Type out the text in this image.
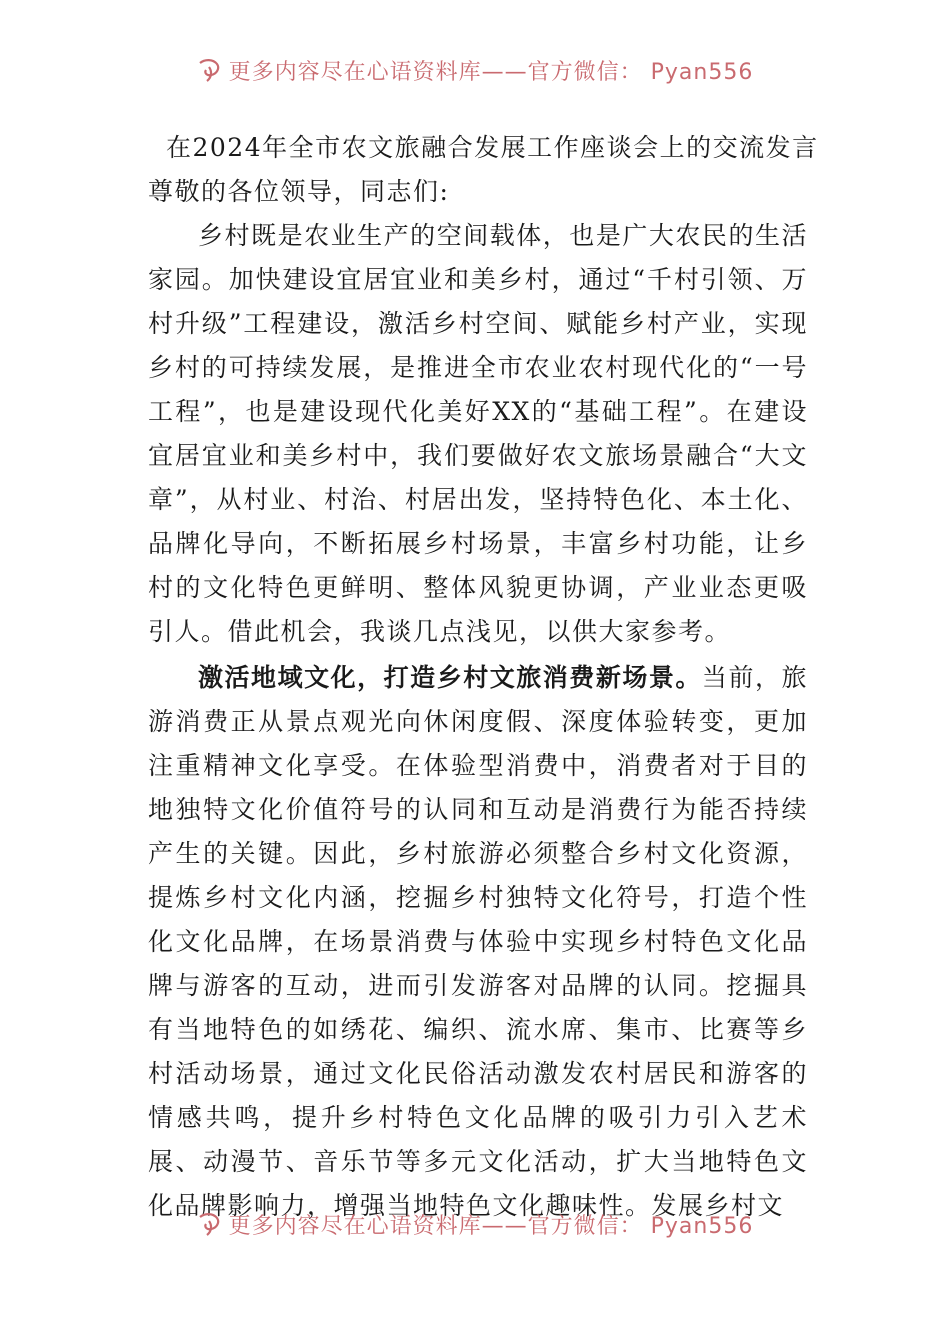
更多内容尽在心语资料库——官方微信： Pyan556
在2024年全市农文旅融合发展工作座谈会上的交流发言

尊敬的各位领导，同志们:

乡村既是农业生产的空间载体，也是广大农民的生活家园。加快建设宜居宜业和美乡村，通过“千村引领、万村升级”工程建设，激活乡村空间、赋能乡村产业，实现乡村的可持续发展，是推进全市农业农村现代化的“一号工程”，也是建设现代化美好XX的“基础工程”。在建设宜居宜业和美乡村中，我们要做好农文旅场景融合“大文章”，从村业、村治、村居出发，坚持特色化、本土化、品牌化导向，不断拓展乡村场景，丰富乡村功能，让乡村的文化特色更鲜明、整体风貌更协调，产业业态更吸引人。借此机会，我谈几点浅见，以供大家参考。

激活地域文化，打造乡村文旅消费新场景。当前，旅游消费正从景点观光向休闲度假、深度体验转变，更加注重精神文化享受。在体验型消费中，消费者对于目的地独特文化价值符号的认同和互动是消费行为能否持续产生的关键。因此，乡村旅游必须整合乡村文化资源，提炼乡村文化内涵，挖掘乡村独特文化符号，打造个性化文化品牌，在场景消费与体验中实现乡村特色文化品牌与游客的互动，进而引发游客对品牌的认同。挖掘具有当地特色的如绣花、编织、流水席、集市、比赛等乡村活动场景，通过文化民俗活动激发农村居民和游客的情感共鸣，提升乡村特色文化品牌的吸引力引入艺术展、动漫节、音乐节等多元文化活动，扩大当地特色文化品牌影响力，增强当地特色文化趣味性。发展乡村文

更多内容尽在心语资料库——官方微信： Pyan556
